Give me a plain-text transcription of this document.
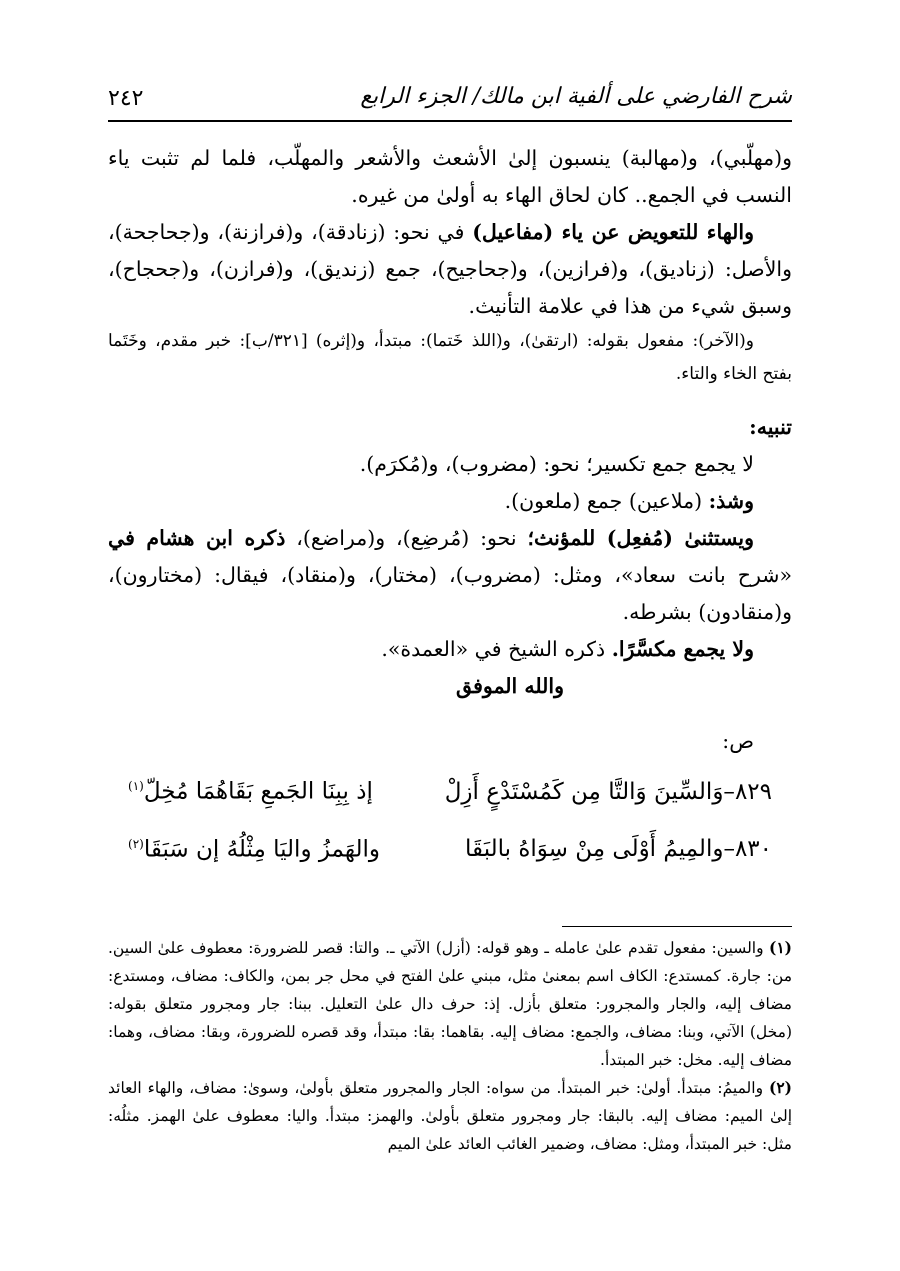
شرح الفارضي على ألفية ابن مالك/ الجزء الرابع
٢٤٢

و(مهلّبي)، و(مهالبة) ينسبون إلىٰ الأشعث والأشعر والمهلّب، فلما لم تثبت ياء النسب في الجمع.. كان لحاق الهاء به أولىٰ من غيره.

والهاء للتعويض عن ياء (مفاعيل) في نحو: (زنادقة)، و(فرازنة)، و(جحاجحة)، والأصل: (زناديق)، و(فرازين)، و(جحاجيح)، جمع (زنديق)، و(فرازن)، و(جحجاح)، وسبق شيء من هذا في علامة التأنيث.

و(الآخر): مفعول بقوله: (ارتقىٰ)، و(اللذ خَتما): مبتدأ، و(إثره) [٣٢١/ب]: خبر مقدم، وخَتَما بفتح الخاء والتاء.

تنبيه:

لا يجمع جمع تكسير؛ نحو: (مضروب)، و(مُكرَم).

وشذ: (ملاعين) جمع (ملعون).

ويستثنىٰ (مُفعِل) للمؤنث؛ نحو: (مُرضِع)، و(مراضع)، ذكره ابن هشام في «شرح بانت سعاد»، ومثل: (مضروب)، (مختار)، و(منقاد)، فيقال: (مختارون)، و(منقادون) بشرطه.

ولا يجمع مكسَّرًا. ذكره الشيخ في «العمدة».

والله الموفق

ص:

٨٢٩–وَالسِّينَ وَالتَّا مِن كَمُسْتَدْعٍ أَزِلْ
إذ بِبِنَا الجَمعِ بَقَاهُمَا مُخِلّ$^{(١)}$
٨٣٠–والمِيمُ أَوْلَى مِنْ سِوَاهُ بالبَقَا
والهَمزُ واليَا مِثْلُهُ إن سَبَقَا$^{(٢)}$

(١) والسين: مفعول تقدم علىٰ عامله ـ وهو قوله: (أزل) الآتي ـ. والتا: قصر للضرورة: معطوف علىٰ السين. من: جارة. كمستدع: الكاف اسم بمعنىٰ مثل، مبني علىٰ الفتح في محل جر بمن، والكاف: مضاف، ومستدع: مضاف إليه، والجار والمجرور: متعلق بأزل. إذ: حرف دال علىٰ التعليل. ببنا: جار ومجرور متعلق بقوله: (مخل) الآتي، وبنا: مضاف، والجمع: مضاف إليه. بقاهما: بقا: مبتدأ، وقد قصره للضرورة، وبقا: مضاف، وهما: مضاف إليه. مخل: خبر المبتدأ.

(٢) والميمُ: مبتدأ. أولىٰ: خبر المبتدأ. من سواه: الجار والمجرور متعلق بأولىٰ، وسوىٰ: مضاف، والهاء العائد إلىٰ الميم: مضاف إليه. بالبقا: جار ومجرور متعلق بأولىٰ. والهمز: مبتدأ. واليا: معطوف علىٰ الهمز. مثلُه: مثل: خبر المبتدأ، ومثل: مضاف، وضمير الغائب العائد علىٰ الميم
